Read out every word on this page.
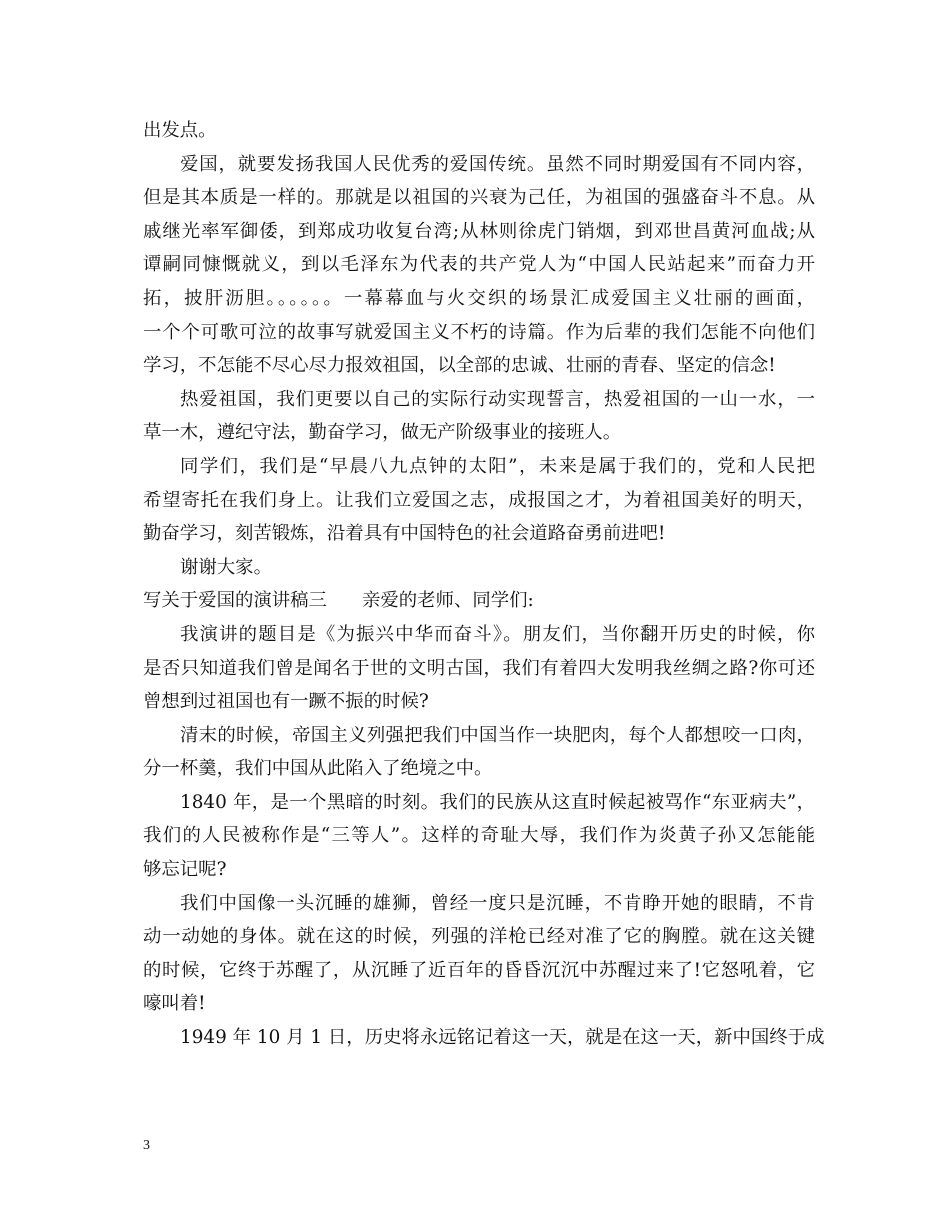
出发点。
爱国，就要发扬我国人民优秀的爱国传统。虽然不同时期爱国有不同内容，
但是其本质是一样的。那就是以祖国的兴衰为己任，为祖国的强盛奋斗不息。从
戚继光率军御倭，到郑成功收复台湾;从林则徐虎门销烟，到邓世昌黄河血战;从
谭嗣同慷慨就义，到以毛泽东为代表的共产党人为“中国人民站起来”而奋力开
拓，披肝沥胆。。。。。。一幕幕血与火交织的场景汇成爱国主义壮丽的画面，
一个个可歌可泣的故事写就爱国主义不朽的诗篇。作为后辈的我们怎能不向他们
学习，不怎能不尽心尽力报效祖国，以全部的忠诚、壮丽的青春、坚定的信念!
热爱祖国，我们更要以自己的实际行动实现誓言，热爱祖国的一山一水，一
草一木，遵纪守法，勤奋学习，做无产阶级事业的接班人。
同学们，我们是“早晨八九点钟的太阳”，未来是属于我们的，党和人民把
希望寄托在我们身上。让我们立爱国之志，成报国之才，为着祖国美好的明天，
勤奋学习，刻苦锻炼，沿着具有中国特色的社会道路奋勇前进吧!
谢谢大家。
写关于爱国的演讲稿三	亲爱的老师、同学们:
我演讲的题目是《为振兴中华而奋斗》。朋友们，当你翻开历史的时候，你
是否只知道我们曾是闻名于世的文明古国，我们有着四大发明我丝绸之路?你可还
曾想到过祖国也有一蹶不振的时候?
清末的时候，帝国主义列强把我们中国当作一块肥肉，每个人都想咬一口肉，
分一杯羹，我们中国从此陷入了绝境之中。
1840 年，是一个黑暗的时刻。我们的民族从这直时候起被骂作“东亚病夫”，
我们的人民被称作是“三等人”。这样的奇耻大辱，我们作为炎黄子孙又怎能能
够忘记呢?
我们中国像一头沉睡的雄狮，曾经一度只是沉睡，不肯睁开她的眼睛，不肯
动一动她的身体。就在这的时候，列强的洋枪已经对准了它的胸膛。就在这关键
的时候，它终于苏醒了，从沉睡了近百年的昏昏沉沉中苏醒过来了!它怒吼着，它
嚎叫着!
1949 年 10 月 1 日，历史将永远铭记着这一天，就是在这一天，新中国终于成
3
